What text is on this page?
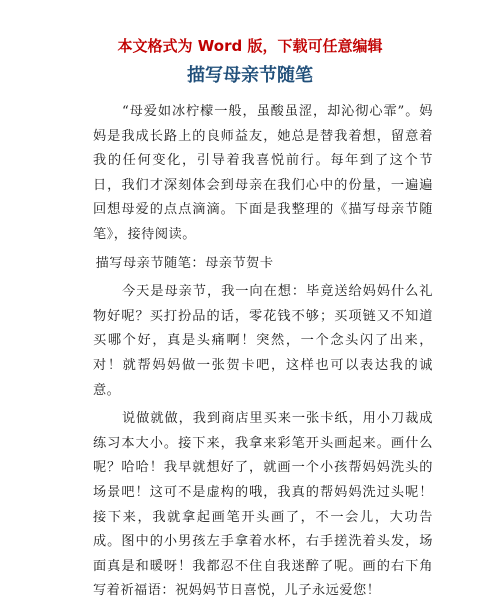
本文格式为 Word 版，下载可任意编辑
描写母亲节随笔

“母爱如冰柠檬一般，虽酸虽涩，却沁彻心霏”。妈妈是我成长路上的良师益友，她总是替我着想，留意着我的任何变化，引导着我喜悦前行。每年到了这个节日，我们才深刻体会到母亲在我们心中的份量，一遍遍回想母爱的点点滴滴。下面是我整理的《描写母亲节随笔》，接待阅读。

描写母亲节随笔：母亲节贺卡

今天是母亲节，我一向在想：毕竟送给妈妈什么礼物好呢？买打扮品的话，零花钱不够；买项链又不知道买哪个好，真是头痛啊！突然，一个念头闪了出来，对！就帮妈妈做一张贺卡吧，这样也可以表达我的诚意。

说做就做，我到商店里买来一张卡纸，用小刀裁成练习本大小。接下来，我拿来彩笔开头画起来。画什么呢？哈哈！我早就想好了，就画一个小孩帮妈妈洗头的场景吧！这可不是虚构的哦，我真的帮妈妈洗过头呢！接下来，我就拿起画笔开头画了，不一会儿，大功告成。图中的小男孩左手拿着水杯，右手搓洗着头发，场面真是和暖呀！我都忍不住自我迷醉了呢。画的右下角写着祈福语：祝妈妈节日喜悦，儿子永远爱您！
